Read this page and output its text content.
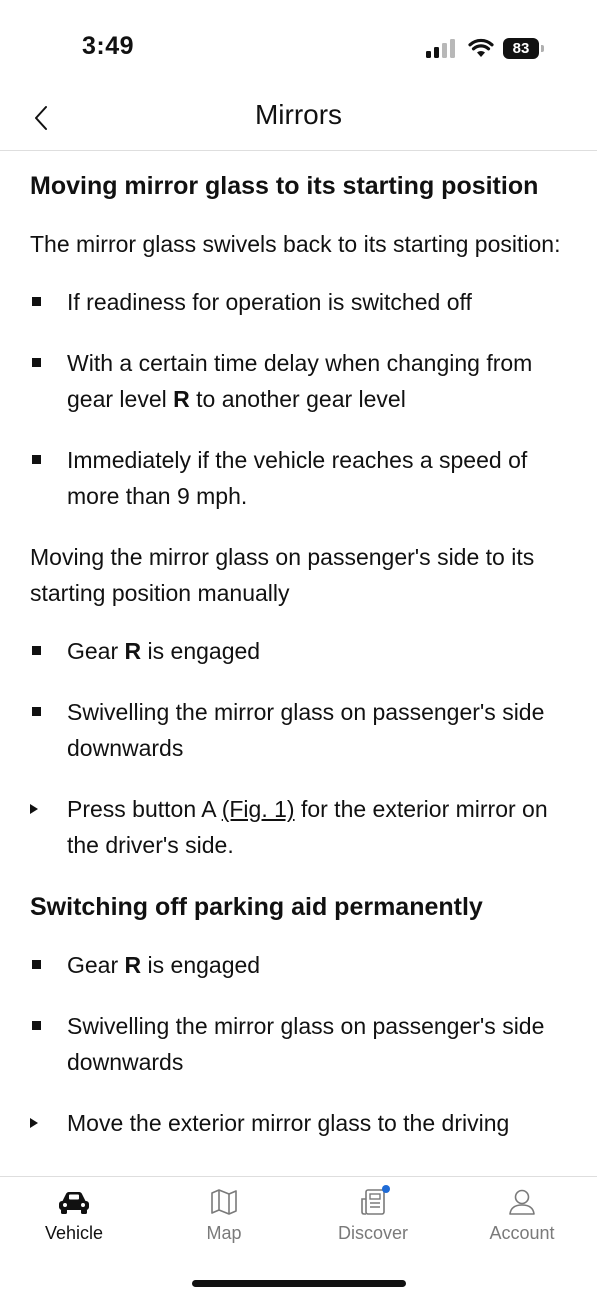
3:49	83
Mirrors
Moving mirror glass to its starting position

The mirror glass swivels back to its starting position:

If readiness for operation is switched off
With a certain time delay when changing from gear level R to another gear level
Immediately if the vehicle reaches a speed of more than 9 mph.

Moving the mirror glass on passenger's side to its starting position manually

Gear R is engaged
Swivelling the mirror glass on passenger's side downwards
Press button A (Fig. 1) for the exterior mirror on the driver's side.
Switching off parking aid permanently
Gear R is engaged
Swivelling the mirror glass on passenger's side downwards
Move the exterior mirror glass to the driving
Vehicle	Map	Discover	Account
